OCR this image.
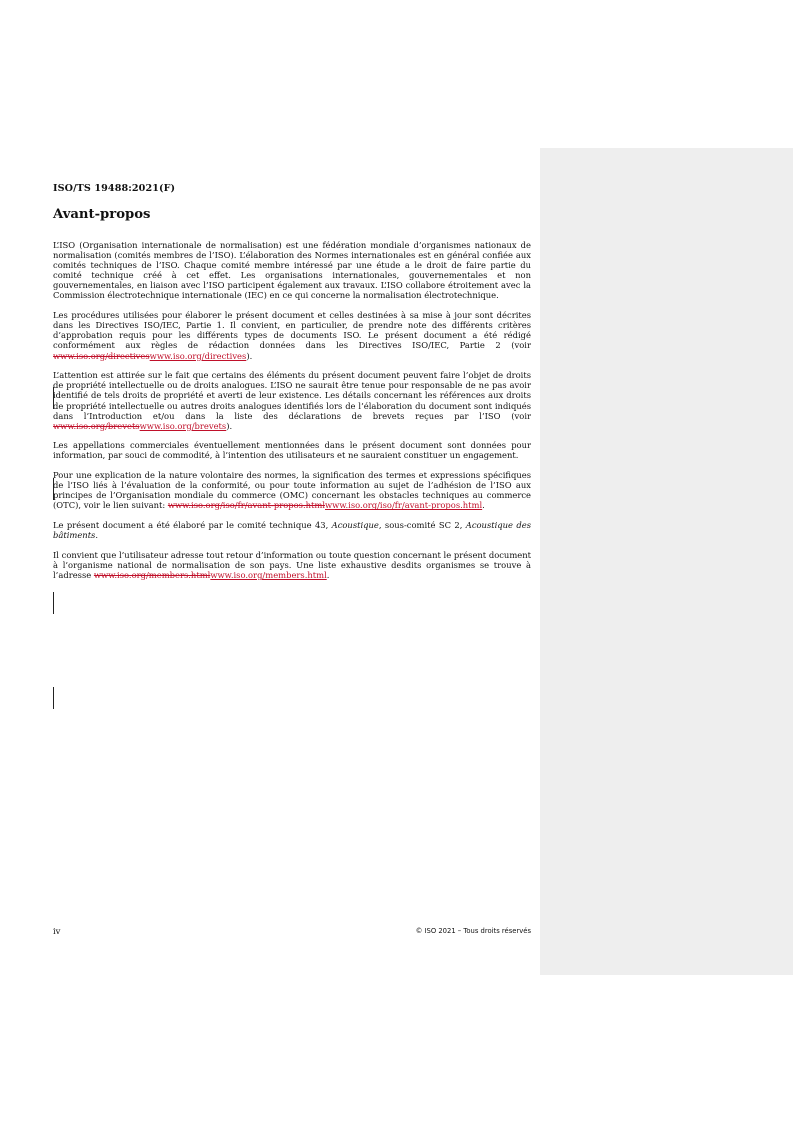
ISO/TS 19488:2021(F)
Avant-propos

L’ISO (Organisation internationale de normalisation) est une fédération mondiale d’organismes nationaux de normalisation (comités membres de l’ISO). L’élaboration des Normes internationales est en général confiée aux comités techniques de l’ISO. Chaque comité membre intéressé par une étude a le droit de faire partie du comité technique créé à cet effet. Les organisations internationales, gouvernementales et non gouvernementales, en liaison avec l’ISO participent également aux travaux. L’ISO collabore étroitement avec la Commission électrotechnique internationale (IEC) en ce qui concerne la normalisation électrotechnique.

Les procédures utilisées pour élaborer le présent document et celles destinées à sa mise à jour sont décrites dans les Directives ISO/IEC, Partie 1. Il convient, en particulier, de prendre note des différents critères d’approbation requis pour les différents types de documents ISO. Le présent document a été rédigé conformément aux règles de rédaction données dans les Directives ISO/IEC, Partie 2 (voir www.iso.org/directiveswww.iso.org/directives).

L’attention est attirée sur le fait que certains des éléments du présent document peuvent faire l’objet de droits de propriété intellectuelle ou de droits analogues. L’ISO ne saurait être tenue pour responsable de ne pas avoir identifié de tels droits de propriété et averti de leur existence. Les détails concernant les références aux droits de propriété intellectuelle ou autres droits analogues identifiés lors de l’élaboration du document sont indiqués dans l’Introduction et/ou dans la liste des déclarations de brevets reçues par l’ISO (voir www.iso.org/brevetswww.iso.org/brevets).

Les appellations commerciales éventuellement mentionnées dans le présent document sont données pour information, par souci de commodité, à l’intention des utilisateurs et ne sauraient constituer un engagement.

Pour une explication de la nature volontaire des normes, la signification des termes et expressions spécifiques de l’ISO liés à l’évaluation de la conformité, ou pour toute information au sujet de l’adhésion de l’ISO aux principes de l’Organisation mondiale du commerce (OMC) concernant les obstacles techniques au commerce (OTC), voir le lien suivant: www.iso.org/iso/fr/avant-propos.htmlwww.iso.org/iso/fr/avant-propos.html.

Le présent document a été élaboré par le comité technique 43, Acoustique, sous-comité SC 2, Acoustique des bâtiments.

Il convient que l’utilisateur adresse tout retour d’information ou toute question concernant le présent document à l’organisme national de normalisation de son pays. Une liste exhaustive desdits organismes se trouve à l’adresse www.iso.org/members.htmlwww.iso.org/members.html.

iv	© ISO 2021 – Tous droits réservés
